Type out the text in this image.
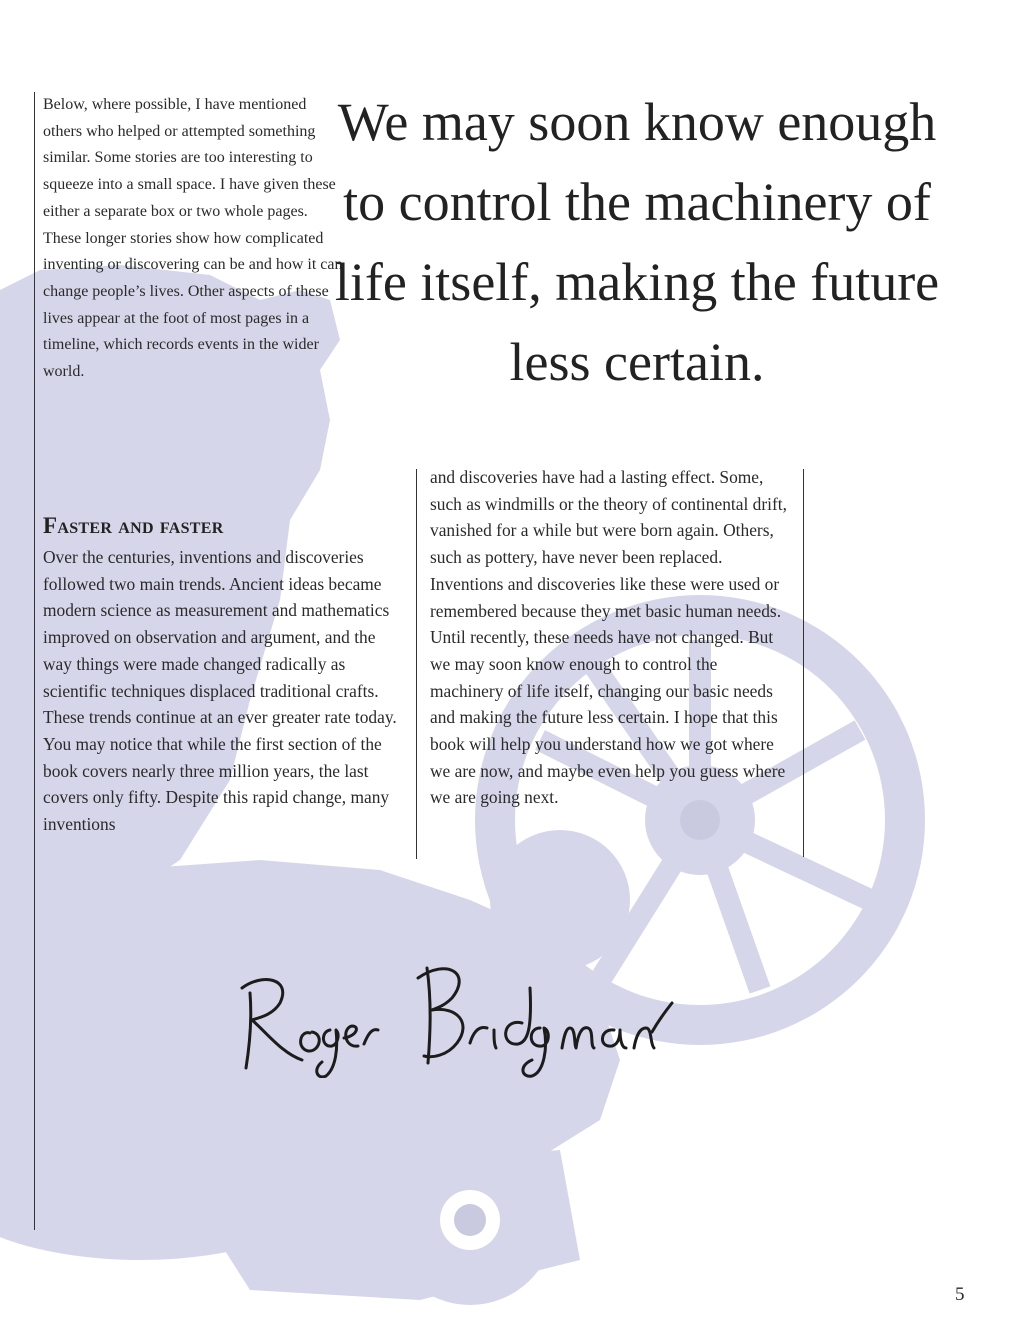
Below, where possible, I have mentioned others who helped or attempted something similar. Some stories are too interesting to squeeze into a small space. I have given these either a separate box or two whole pages. These longer stories show how complicated inventing or discovering can be and how it can change people’s lives. Other aspects of these lives appear at the foot of most pages in a timeline, which records events in the wider world.

We may soon know enough to control the machinery of life itself, making the future less certain.
Faster and faster

Over the centuries, inventions and discoveries followed two main trends. Ancient ideas became modern science as measurement and mathematics improved on observation and argument, and the way things were made changed radically as scientific techniques displaced traditional crafts. These trends continue at an ever greater rate today. You may notice that while the first section of the book covers nearly three million years, the last covers only fifty. Despite this rapid change, many inventions

and discoveries have had a lasting effect. Some, such as windmills or the theory of continental drift, vanished for a while but were born again. Others, such as pottery, have never been replaced. Inventions and discoveries like these were used or remembered because they met basic human needs. Until recently, these needs have not changed. But we may soon know enough to control the machinery of life itself, changing our basic needs and making the future less certain. I hope that this book will help you understand how we got where we are now, and maybe even help you guess where we are going next.

5
